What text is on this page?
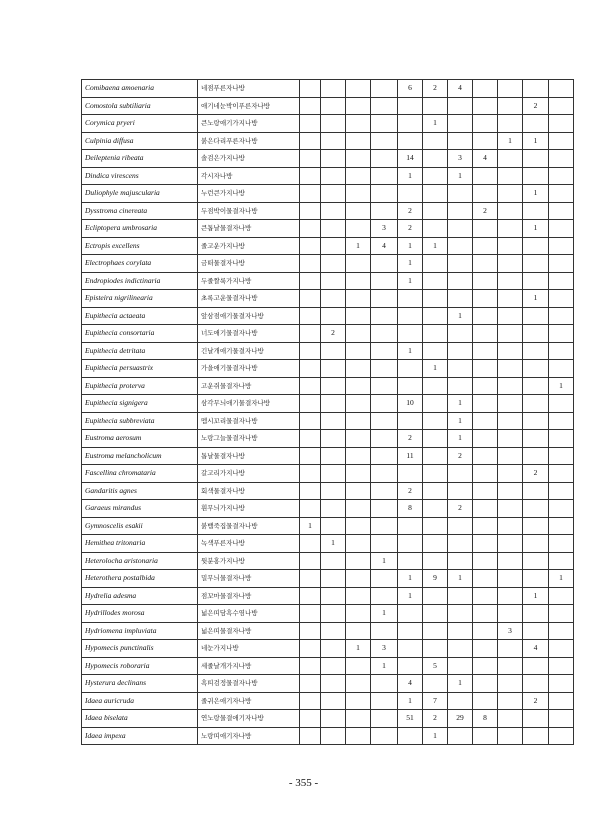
Comibaena amoenaria	네점푸른자나방					6	2	4				
Comostola subtiliaria	애기네눈박이푸른자나방										2	
Corymica pryeri	큰노랑애기가지나방						1					
Culpinia diffusa	붉은다리푸른자나방									1	1	
Deileptenia ribeata	솔검은가지나방					14		3	4			
Dindica virescens	각시자나방					1		1				
Duliophyle majuscularia	누런큰가지나방										1	
Dysstroma cinereata	두점박이물결자나방					2			2			
Ecliptopera umbrosaria	큰톱날물결자나방				3	2					1	
Ectropis excellens	줄고운가지나방			1	4	1	1					
Electrophaes corylata	금떠물결자나방					1						
Endropiodes indictinaria	두줄짤룩가지나방					1						
Episteira nigrilinearia	초록고운물결자나방										1	
Eupithecia actaeata	앞삼점애기물결자나방							1				
Eupithecia consortaria	너도애기물결자나방		2									
Eupithecia detritata	긴날개애기물결자나방					1						
Eupithecia persuastrix	가을애기물결자나방						1					
Eupithecia proterva	고운쥐물결자나방											1
Eupithecia signigera	삼각무늬애기물결자나방					10		1				
Eupithecia subbreviata	멤시꼬리물결자나방							1				
Eustroma aerosum	노랑그늘물결자나방					2		1				
Eustroma melancholicum	톱날물결자나방					11		2				
Fascellina chromataria	갈고리가지나방										2	
Gandaritis agnes	회색물결자나방					2						
Garaeus mirandus	휜무늬가지나방					8		2				
Gymnoscelis esakii	붉뱀죽집물결자나방	1										
Hemithea tritonaria	녹색푸른자나방		1									
Heterolocha aristonaria	뒷분홍가지나방				1							
Heterothera postalbida	밀무늬물결자나방					1	9	1				1
Hydrelia adesma	점꼬마물결자나방					1					1	
Hydrillodes morosa	넓은띠담흑수염나방				1							
Hydriomena impluviata	넓은띠물결자나방									3		
Hypomecis punctinalis	네눈가지나방			1	3						4	
Hypomecis roboraria	세줄날개가지나방				1		5					
Hysterura declinans	흑띠검정물결자나방					4		1				
Idaea auricruda	줄귀은애기자나방					1	7				2	
Idaea biselata	연노랑물결애기자나방					51	2	29	8			
Idaea impexa	노랑띠애기자나방						1					
- 355 -
